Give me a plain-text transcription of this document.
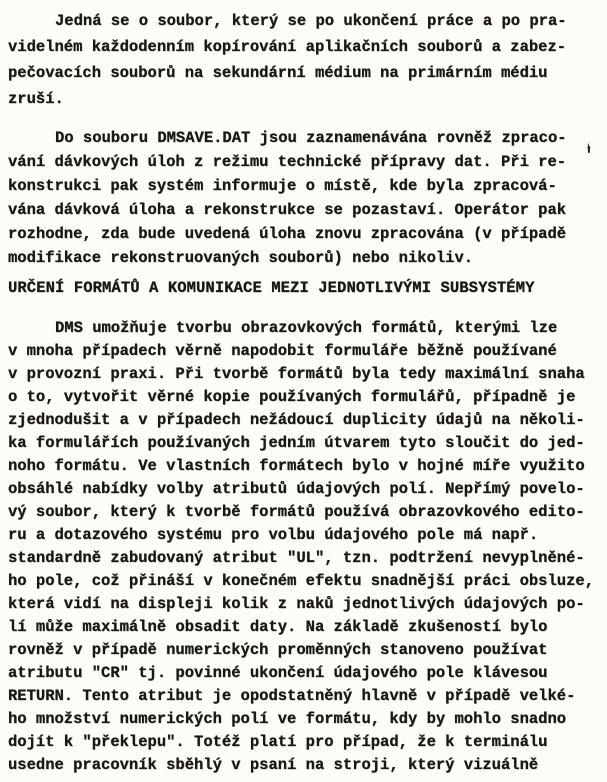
Jedná se o soubor, který se po ukončení práce a po pra-
videlném každodenním kopírování aplikačních souborů a zabez-
pečovacích souborů na sekundární médium na primárním médiu
zruší.
Do souboru DMSAVE.DAT jsou zaznamenávána rovněž zpraco-
vání dávkových úloh z režimu technické přípravy dat. Při re-
konstrukci pak systém informuje o místě, kde byla zpracová-
vána dávková úloha a rekonstrukce se pozastaví. Operátor pak
rozhodne, zda bude uvedená úloha znovu zpracována (v případě
modifikace rekonstruovaných souborů) nebo nikoliv.
URČENÍ FORMÁTŮ A KOMUNIKACE MEZI JEDNOTLIVÝMI SUBSYSTÉMY
DMS umožňuje tvorbu obrazovkových formátů, kterými lze
v mnoha případech věrně napodobit formuláře běžně používané
v provozní praxi. Při tvorbě formátů byla tedy maximální snaha
o to, vytvořit věrné kopie používaných formulářů, případně je
zjednodušit a v případech nežádoucí duplicity údajů na několi-
ka formulářích používaných jedním útvarem tyto sloučit do jed-
noho formátu. Ve vlastních formátech bylo v hojné míře využito
obsáhlé nabídky volby atributů údajových polí. Nepřímý povelo-
vý soubor, který k tvorbě formátů používá obrazovkového edito-
ru a dotazového systému pro volbu údajového pole má např.
standardně zabudovaný atribut "UL", tzn. podtržení nevyplněné-
ho pole, což přináší v konečném efektu snadnější práci obsluze,
která vidí na displeji kolik z naků jednotlivých údajových po-
lí může maximálně obsadit daty. Na základě zkušeností bylo
rovněž v případě numerických proměnných stanoveno používat
atributu "CR" tj. povinné ukončení údajového pole klávesou
RETURN. Tento atribut je opodstatněný hlavně v případě velké-
ho množství numerických polí ve formátu, kdy by mohlo snadno
dojít k "překlepu". Totéž platí pro případ, že k terminálu
usedne pracovník sběhlý v psaní na stroji, který vizuálně
